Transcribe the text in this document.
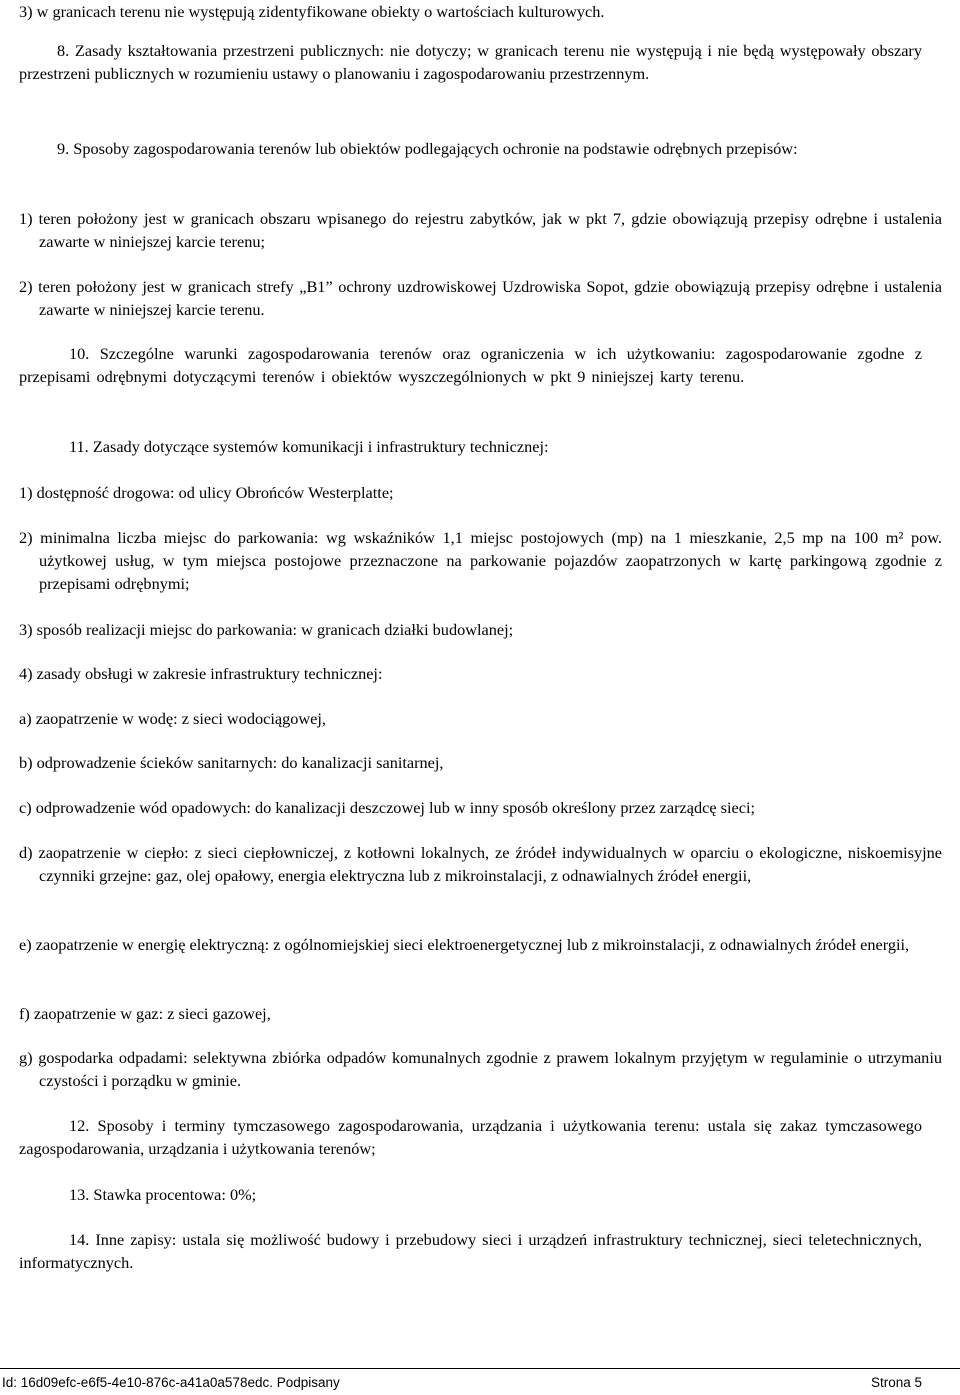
3) w granicach terenu nie występują zidentyfikowane obiekty o wartościach kulturowych.

8. Zasady kształtowania przestrzeni publicznych: nie dotyczy; w granicach terenu nie występują i nie będą występowały obszary przestrzeni publicznych w rozumieniu ustawy o planowaniu i zagospodarowaniu przestrzennym.

9. Sposoby zagospodarowania terenów lub obiektów podlegających ochronie na podstawie odrębnych przepisów:

1) teren położony jest w granicach obszaru wpisanego do rejestru zabytków, jak w pkt 7, gdzie obowiązują przepisy odrębne i ustalenia zawarte w niniejszej karcie terenu;

2) teren położony jest w granicach strefy „B1” ochrony uzdrowiskowej Uzdrowiska Sopot, gdzie obowiązują przepisy odrębne i ustalenia zawarte w niniejszej karcie terenu.

10. Szczególne warunki zagospodarowania terenów oraz ograniczenia w ich użytkowaniu: zagospodarowanie zgodne z przepisami odrębnymi dotyczącymi terenów i obiektów wyszczególnionych w pkt 9 niniejszej karty terenu.

11. Zasady dotyczące systemów komunikacji i infrastruktury technicznej:

1) dostępność drogowa: od ulicy Obrońców Westerplatte;

2) minimalna liczba miejsc do parkowania: wg wskaźników 1,1 miejsc postojowych (mp) na 1 mieszkanie, 2,5 mp na 100 m² pow. użytkowej usług, w tym miejsca postojowe przeznaczone na parkowanie pojazdów zaopatrzonych w kartę parkingową zgodnie z przepisami odrębnymi;

3) sposób realizacji miejsc do parkowania: w granicach działki budowlanej;

4) zasady obsługi w zakresie infrastruktury technicznej:

a) zaopatrzenie w wodę: z sieci wodociągowej,

b) odprowadzenie ścieków sanitarnych: do kanalizacji sanitarnej,

c) odprowadzenie wód opadowych: do kanalizacji deszczowej lub w inny sposób określony przez zarządcę sieci;

d) zaopatrzenie w ciepło: z sieci ciepłowniczej, z kotłowni lokalnych, ze źródeł indywidualnych w oparciu o ekologiczne, niskoemisyjne czynniki grzejne: gaz, olej opałowy, energia elektryczna lub z mikroinstalacji, z odnawialnych źródeł energii,

e) zaopatrzenie w energię elektryczną: z ogólnomiejskiej sieci elektroenergetycznej lub z mikroinstalacji, z odnawialnych źródeł energii,

f) zaopatrzenie w gaz: z sieci gazowej,

g) gospodarka odpadami: selektywna zbiórka odpadów komunalnych zgodnie z prawem lokalnym przyjętym w regulaminie o utrzymaniu czystości i porządku w gminie.

12. Sposoby i terminy tymczasowego zagospodarowania, urządzania i użytkowania terenu: ustala się zakaz tymczasowego zagospodarowania, urządzania i użytkowania terenów;

13. Stawka procentowa: 0%;

14. Inne zapisy: ustala się możliwość budowy i przebudowy sieci i urządzeń infrastruktury technicznej, sieci teletechnicznych, informatycznych.

Id: 16d09efc-e6f5-4e10-876c-a41a0a578edc. Podpisany	Strona 5
